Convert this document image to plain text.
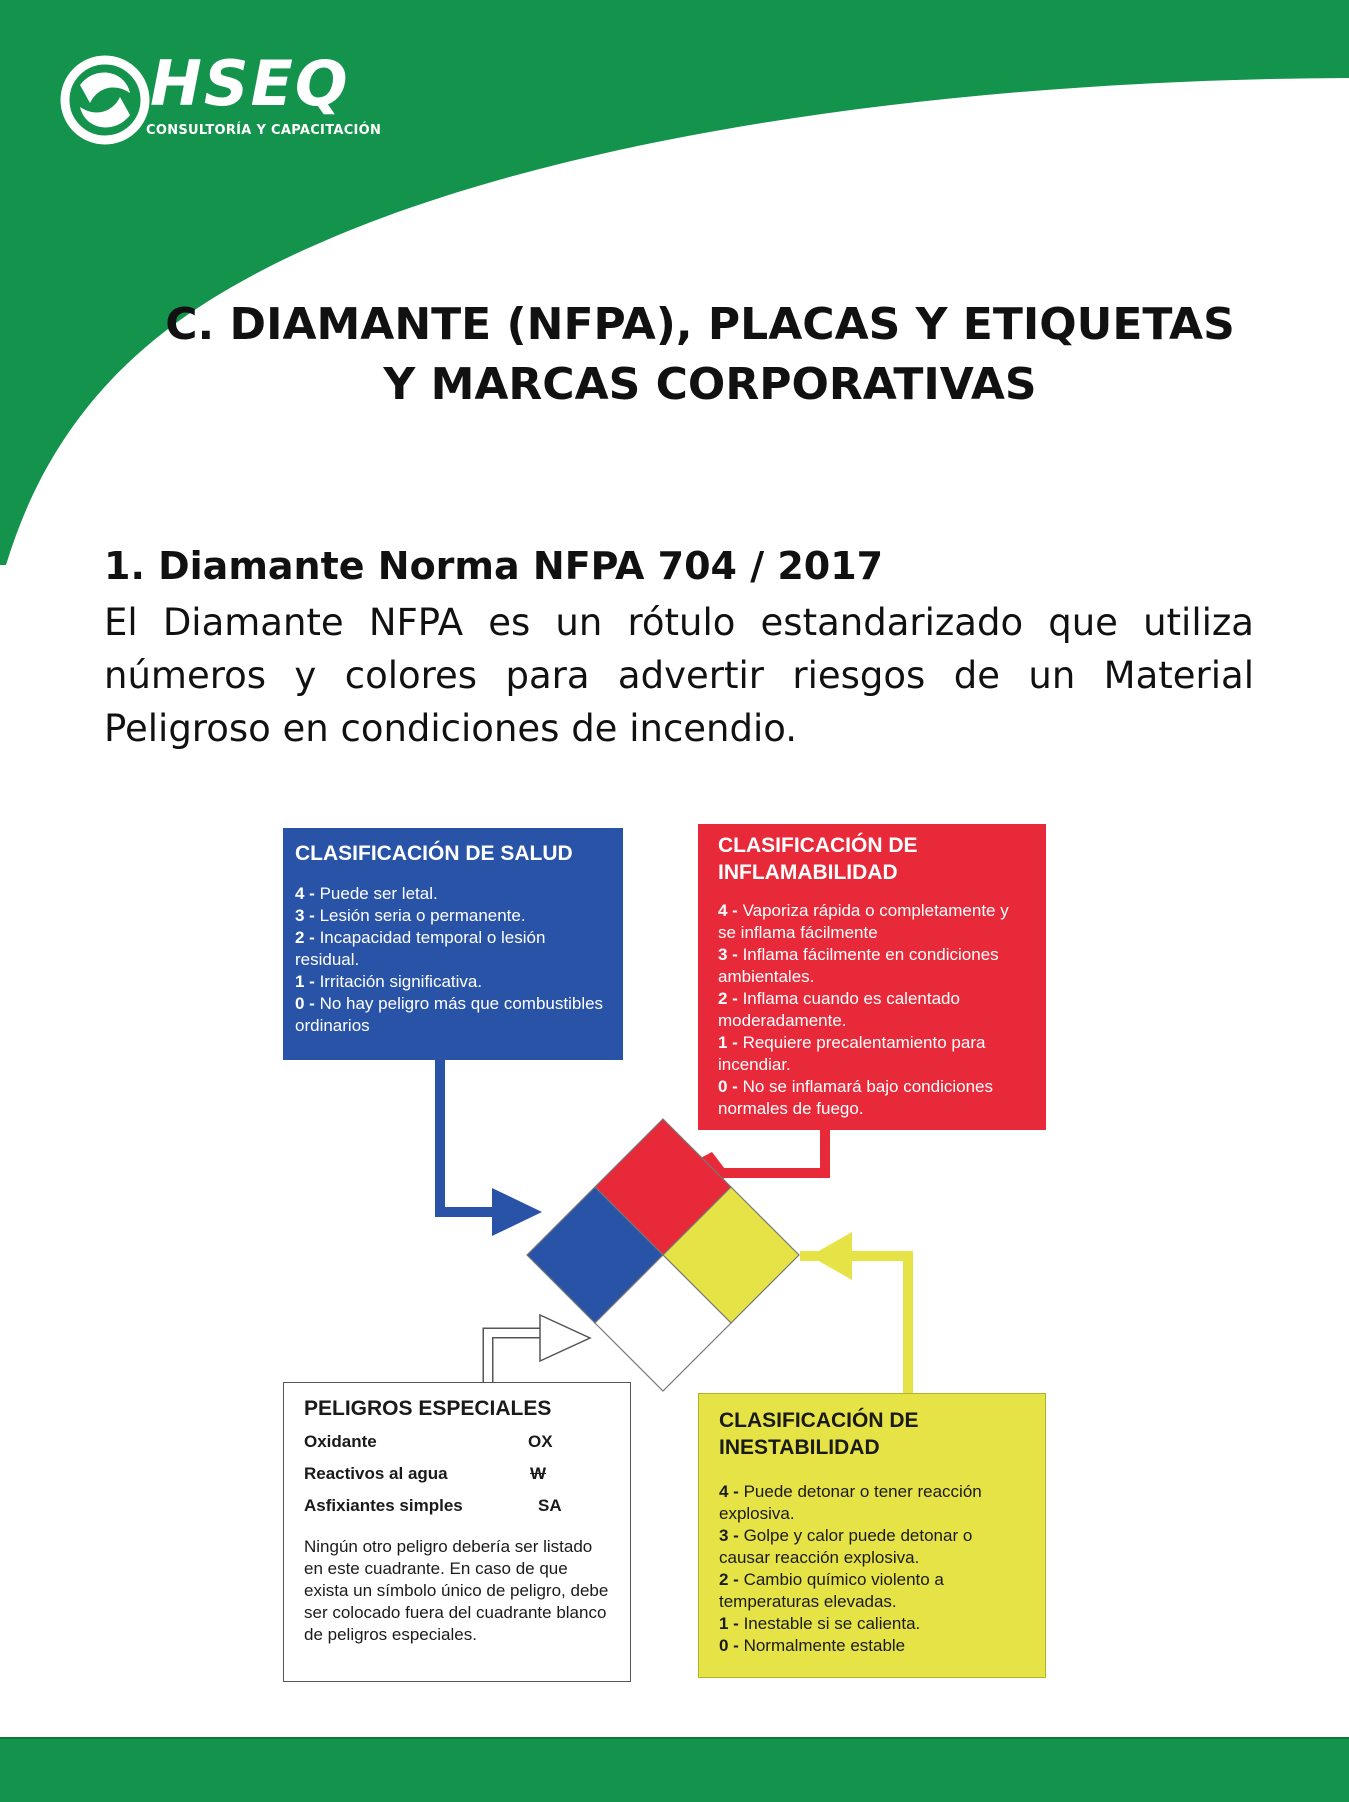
HSEQ
CONSULTORÍA Y CAPACITACIÓN
C. DIAMANTE (NFPA), PLACAS Y ETIQUETAS
Y MARCAS CORPORATIVAS
1. Diamante Norma NFPA 704 / 2017
El Diamante NFPA es un rótulo estandarizado que utiliza números y colores para advertir riesgos de un Material Peligroso en condiciones de incendio.
CLASIFICACIÓN DE SALUD
4 - Puede ser letal.
3 - Lesión seria o permanente.
2 - Incapacidad temporal o lesión residual.
1 - Irritación significativa.
0 - No hay peligro más que combustibles ordinarios
CLASIFICACIÓN DE
INFLAMABILIDAD
4 - Vaporiza rápida o completamente y se inflama fácilmente
3 - Inflama fácilmente en condiciones ambientales.
2 - Inflama cuando es calentado moderadamente.
1 - Requiere precalentamiento para incendiar.
0 - No se inflamará bajo condiciones normales de fuego.
PELIGROS ESPECIALES
Oxidante	OX
Reactivos al agua	W
Asfixiantes simples	SA
Ningún otro peligro debería ser listado en este cuadrante. En caso de que exista un símbolo único de peligro, debe ser colocado fuera del cuadrante blanco de peligros especiales.
CLASIFICACIÓN DE
INESTABILIDAD
4 - Puede detonar o tener reacción explosiva.
3 - Golpe y calor puede detonar o causar reacción explosiva.
2 - Cambio químico violento a temperaturas elevadas.
1 - Inestable si se calienta.
0 - Normalmente estable
